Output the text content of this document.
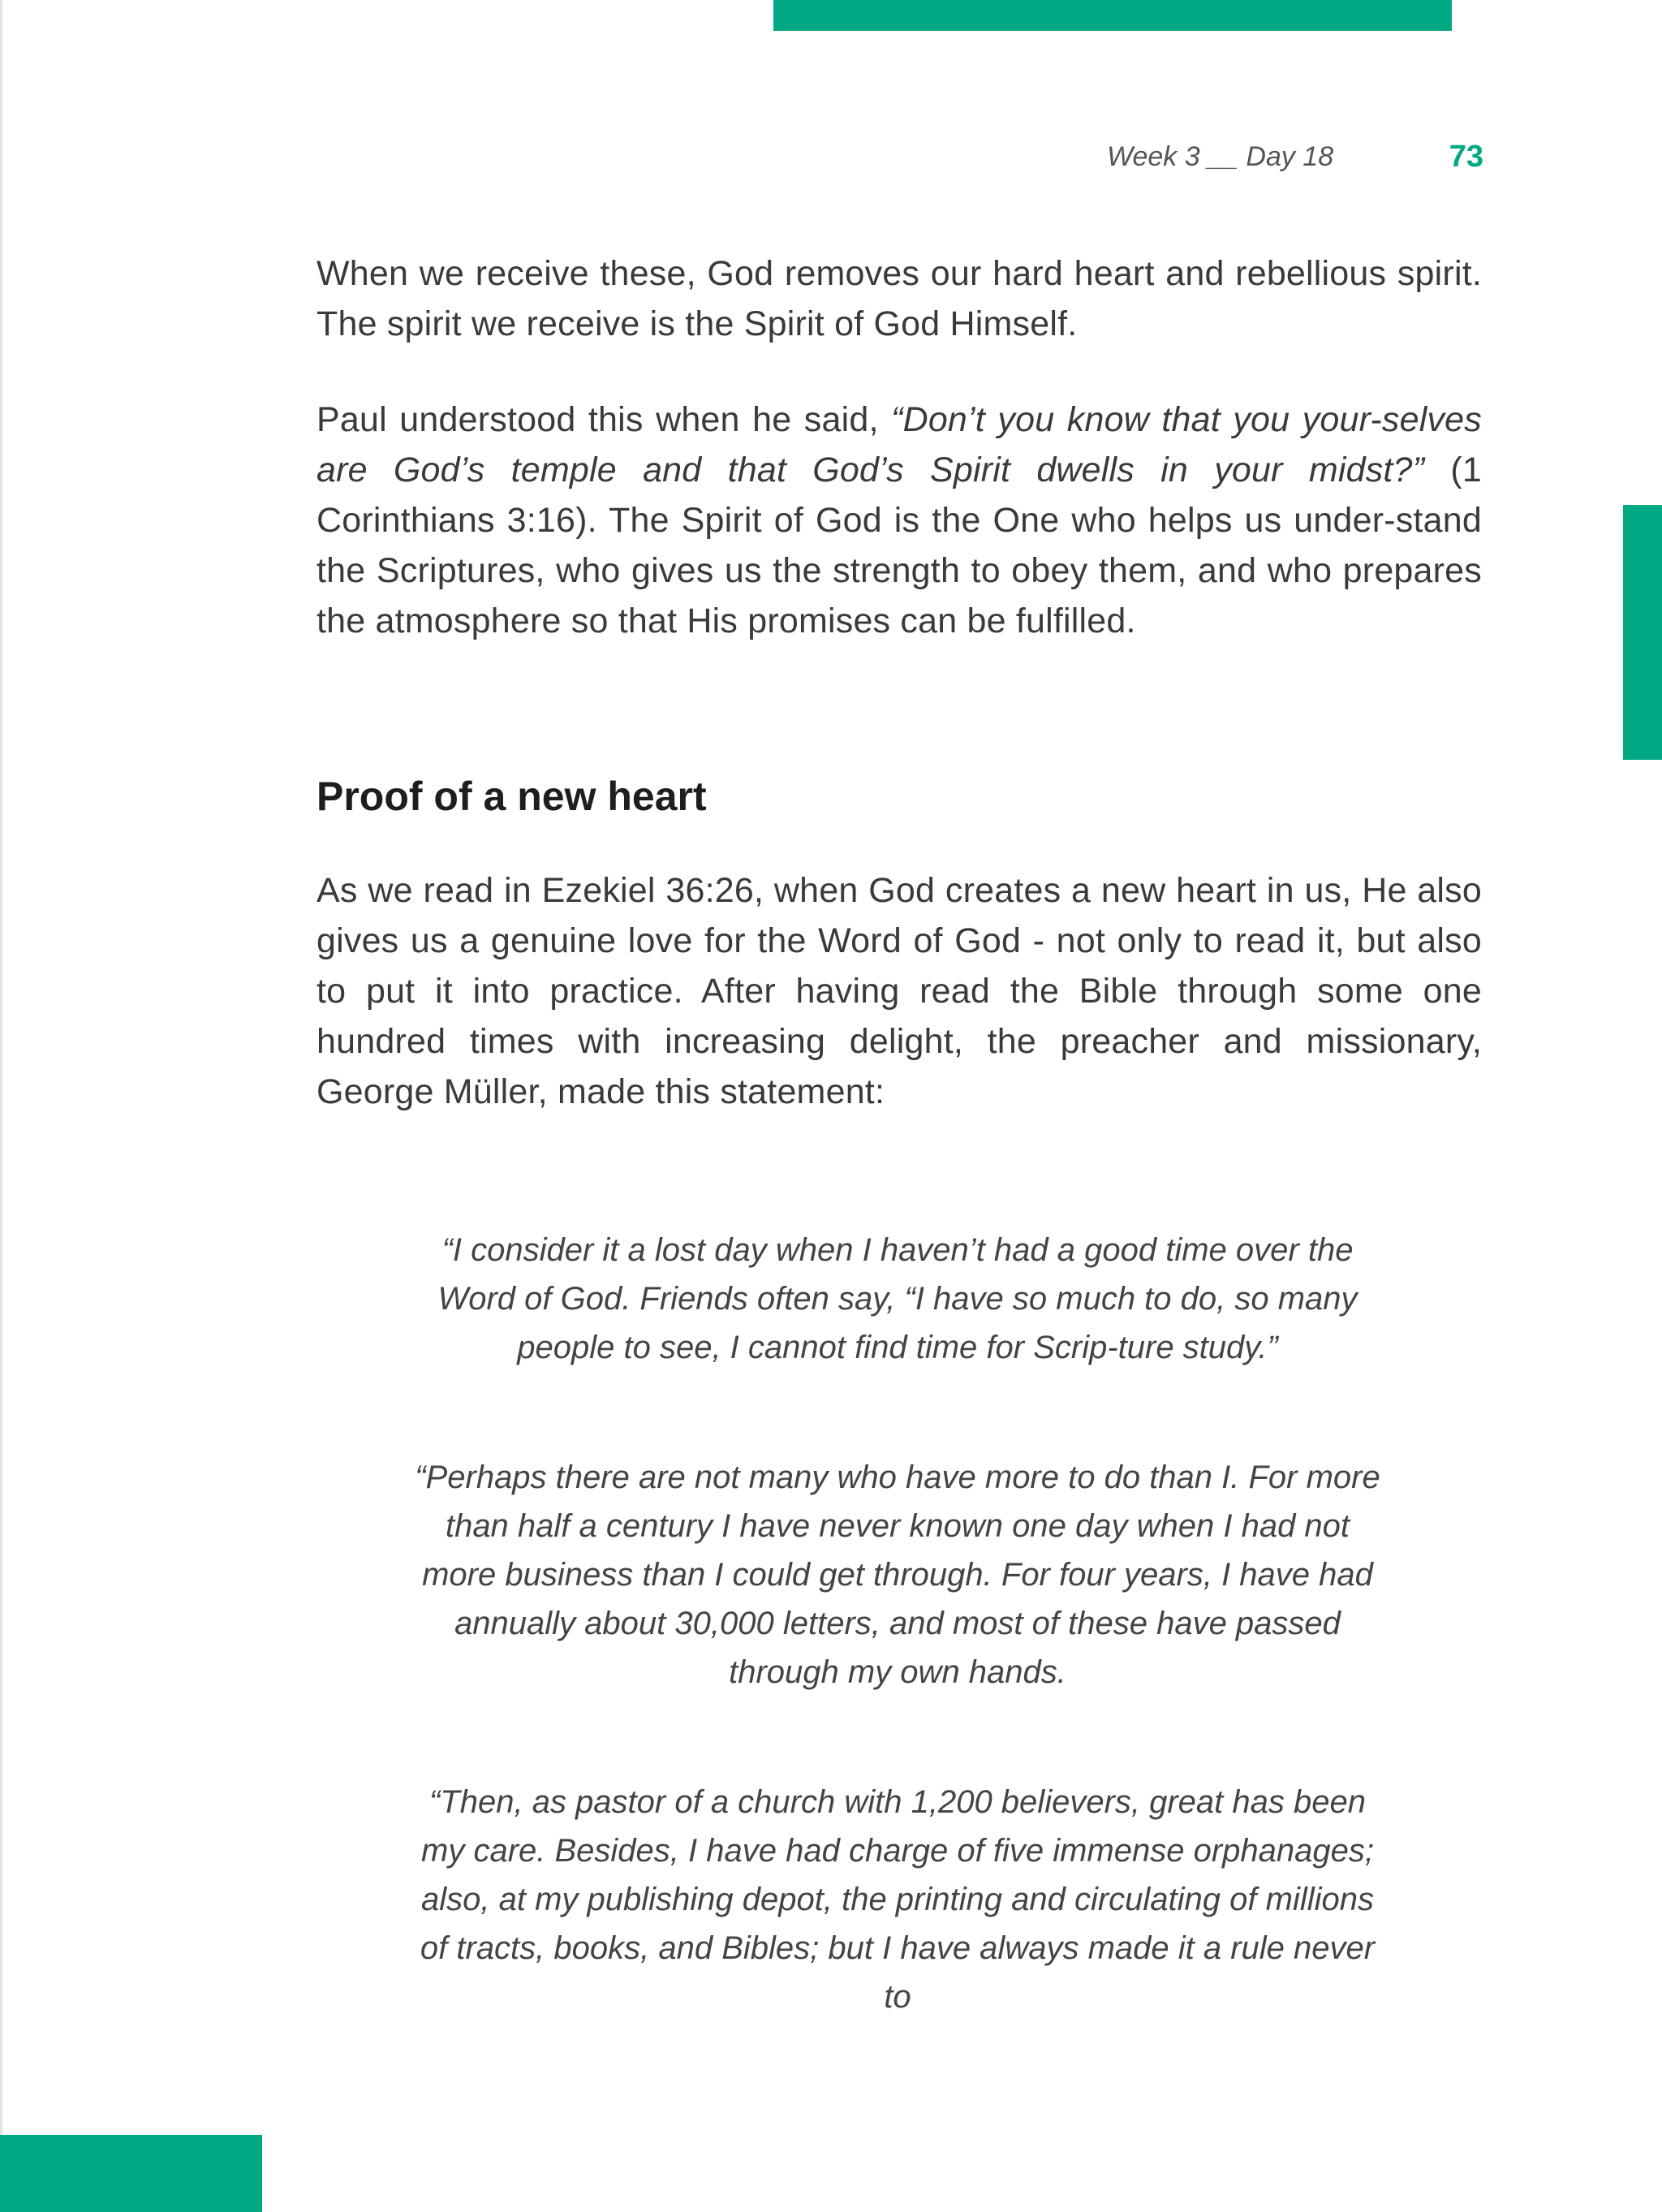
Week 3 __ Day 18	73

When we receive these, God removes our hard heart and rebellious spirit. The spirit we receive is the Spirit of God Himself.

Paul understood this when he said, “Don’t you know that you your-selves are God’s temple and that God’s Spirit dwells in your midst?” (1 Corinthians 3:16). The Spirit of God is the One who helps us under-stand the Scriptures, who gives us the strength to obey them, and who prepares the atmosphere so that His promises can be fulfilled.

Proof of a new heart

As we read in Ezekiel 36:26, when God creates a new heart in us, He also gives us a genuine love for the Word of God - not only to read it, but also to put it into practice. After having read the Bible through some one hundred times with increasing delight, the preacher and missionary, George Müller, made this statement:

“I consider it a lost day when I haven’t had a good time over the Word of God. Friends often say, “I have so much to do, so many people to see, I cannot find time for Scrip-ture study.”

“Perhaps there are not many who have more to do than I. For more than half a century I have never known one day when I had not more business than I could get through. For four years, I have had annually about 30,000 letters, and most of these have passed through my own hands.

“Then, as pastor of a church with 1,200 believers, great has been my care. Besides, I have had charge of five immense orphanages; also, at my publishing depot, the printing and circulating of millions of tracts, books, and Bibles; but I have always made it a rule never to
